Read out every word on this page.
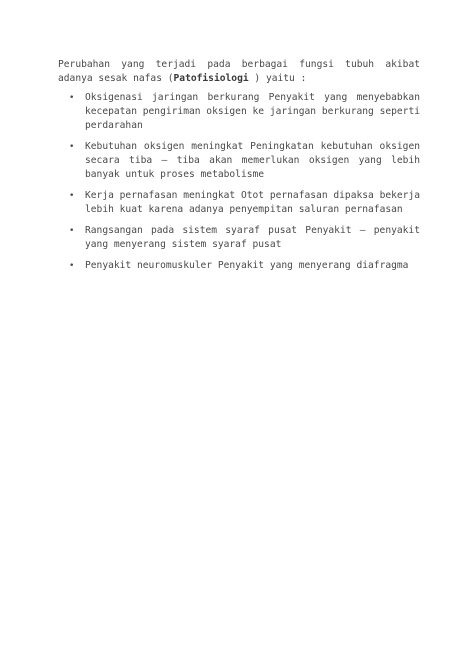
Perubahan yang terjadi pada berbagai fungsi tubuh akibat adanya sesak nafas (Patofisiologi ) yaitu :

• Oksigenasi jaringan berkurang Penyakit yang menyebabkan kecepatan pengiriman oksigen ke jaringan berkurang seperti perdarahan
• Kebutuhan oksigen meningkat Peningkatan kebutuhan oksigen secara tiba – tiba akan memerlukan oksigen yang lebih banyak untuk proses metabolisme
• Kerja pernafasan meningkat Otot pernafasan dipaksa bekerja lebih kuat karena adanya penyempitan saluran pernafasan
• Rangsangan pada sistem syaraf pusat Penyakit – penyakit yang menyerang sistem syaraf pusat
• Penyakit neuromuskuler Penyakit yang menyerang diafragma
